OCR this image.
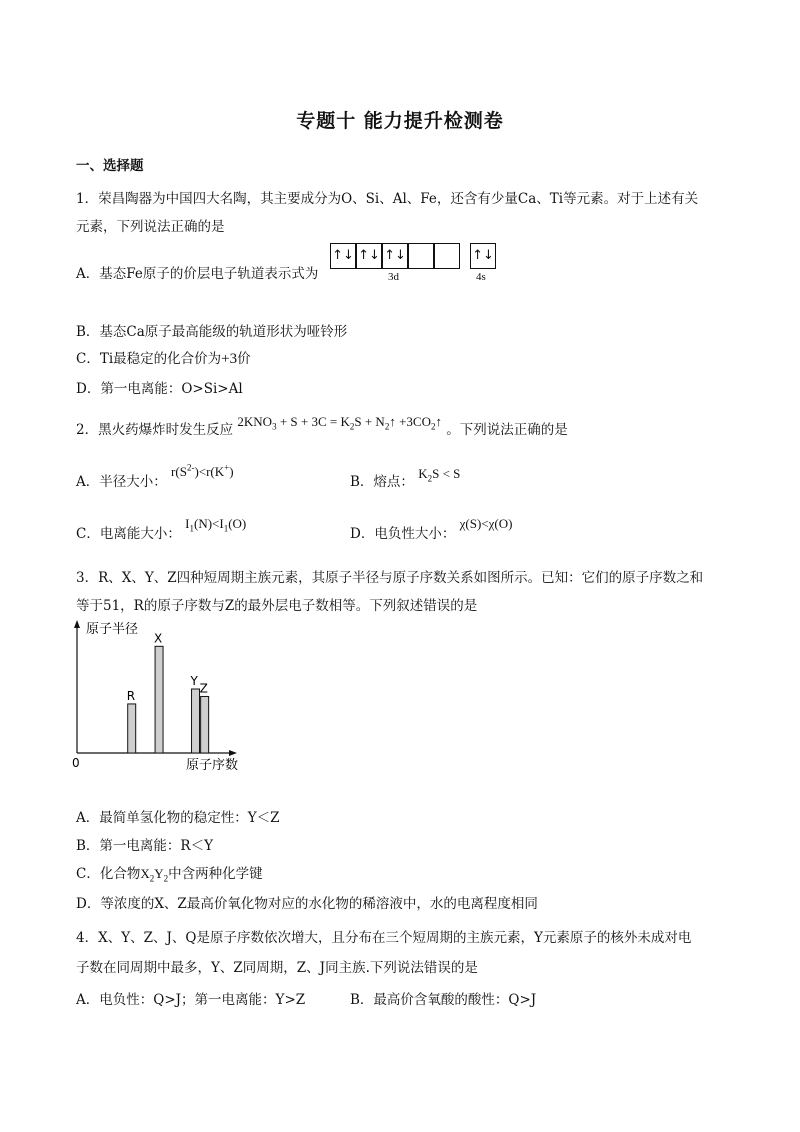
专题十 能力提升检测卷
一、选择题
1．荣昌陶器为中国四大名陶，其主要成分为O、Si、Al、Fe，还含有少量Ca、Ti等元素。对于上述有关
元素，下列说法正确的是
A．基态Fe原子的价层电子轨道表示式为
↑↓ ↑↓ ↑↓	↑↓
3d	4s
B．基态Ca原子最高能级的轨道形状为哑铃形
C．Ti最稳定的化合价为+3价
D．第一电离能：O>Si>Al
2．黑火药爆炸时发生反应 $2KNO_3 + S + 3C = K_2S$ + $N_2↑$ $+3CO_2↑$ 。下列说法正确的是
A．半径大小： $r(S^{2-})<r(K^+)$
B．熔点： $K_2S < S$
C．电离能大小： $I_1(N)<I_1(O)$
D．电负性大小： χ(S)<χ(O)
3．R、X、Y、Z四种短周期主族元素，其原子半径与原子序数关系如图所示。已知：它们的原子序数之和
等于51，R的原子序数与Z的最外层电子数相等。下列叙述错误的是
原子半径
原子序数
0
R
X
Y
Z
A．最简单氢化物的稳定性：Y＜Z
B．第一电离能：R＜Y
C．化合物$X_2Y_2$中含两种化学键
D．等浓度的X、Z最高价氧化物对应的水化物的稀溶液中，水的电离程度相同
4．X、Y、Z、J、Q是原子序数依次增大，且分布在三个短周期的主族元素，Y元素原子的核外未成对电
子数在同周期中最多，Y、Z同周期，Z、J同主族.下列说法错误的是
A．电负性：Q>J；第一电离能：Y>Z	B．最高价含氧酸的酸性：Q>J
